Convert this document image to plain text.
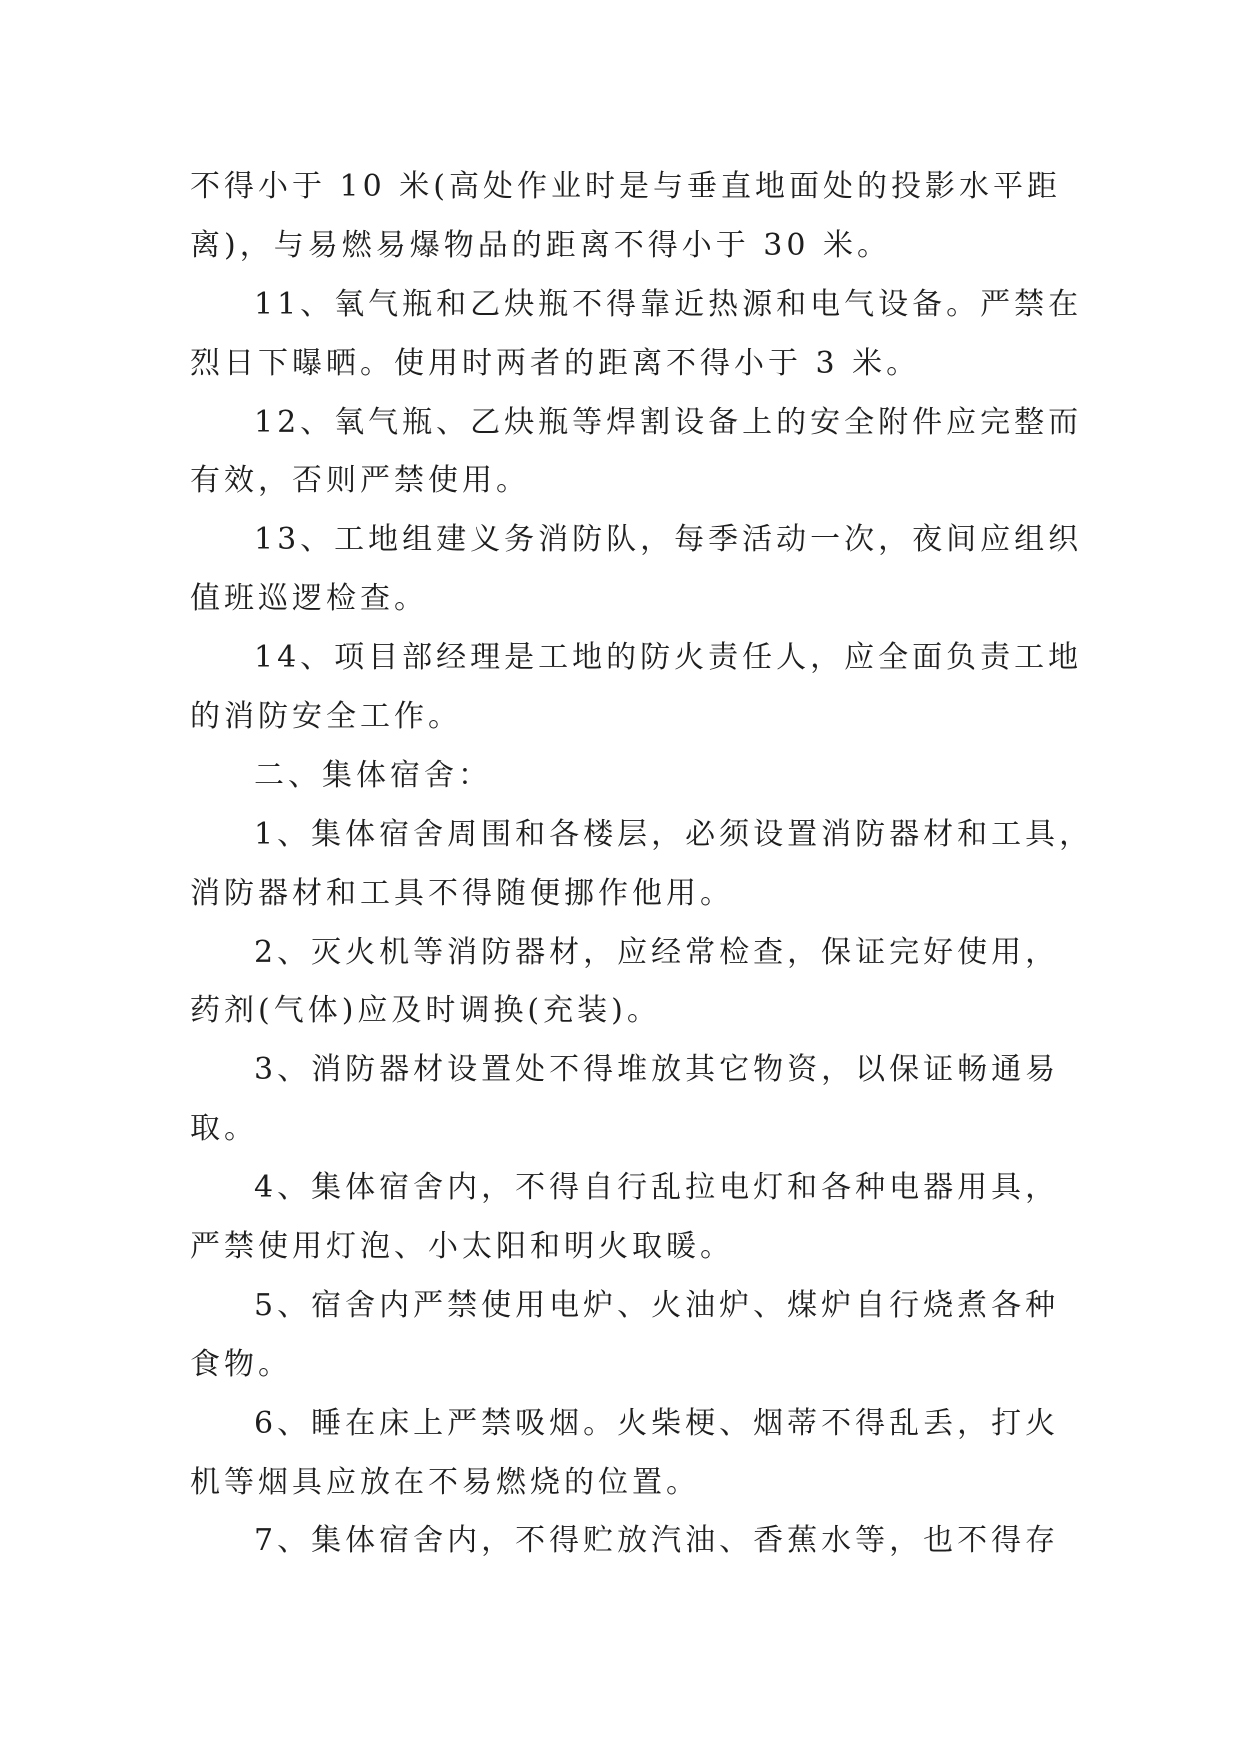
不得小于 10 米(高处作业时是与垂直地面处的投影水平距
离)，与易燃易爆物品的距离不得小于 30 米。
11、氧气瓶和乙炔瓶不得靠近热源和电气设备。严禁在
烈日下曝晒。使用时两者的距离不得小于 3 米。
12、氧气瓶、乙炔瓶等焊割设备上的安全附件应完整而
有效，否则严禁使用。
13、工地组建义务消防队，每季活动一次，夜间应组织
值班巡逻检查。
14、项目部经理是工地的防火责任人，应全面负责工地
的消防安全工作。
二、集体宿舍：
1、集体宿舍周围和各楼层，必须设置消防器材和工具，
消防器材和工具不得随便挪作他用。
2、灭火机等消防器材，应经常检查，保证完好使用，
药剂(气体)应及时调换(充装)。
3、消防器材设置处不得堆放其它物资，以保证畅通易
取。
4、集体宿舍内，不得自行乱拉电灯和各种电器用具，
严禁使用灯泡、小太阳和明火取暖。
5、宿舍内严禁使用电炉、火油炉、煤炉自行烧煮各种
食物。
6、睡在床上严禁吸烟。火柴梗、烟蒂不得乱丢，打火
机等烟具应放在不易燃烧的位置。
7、集体宿舍内，不得贮放汽油、香蕉水等，也不得存
